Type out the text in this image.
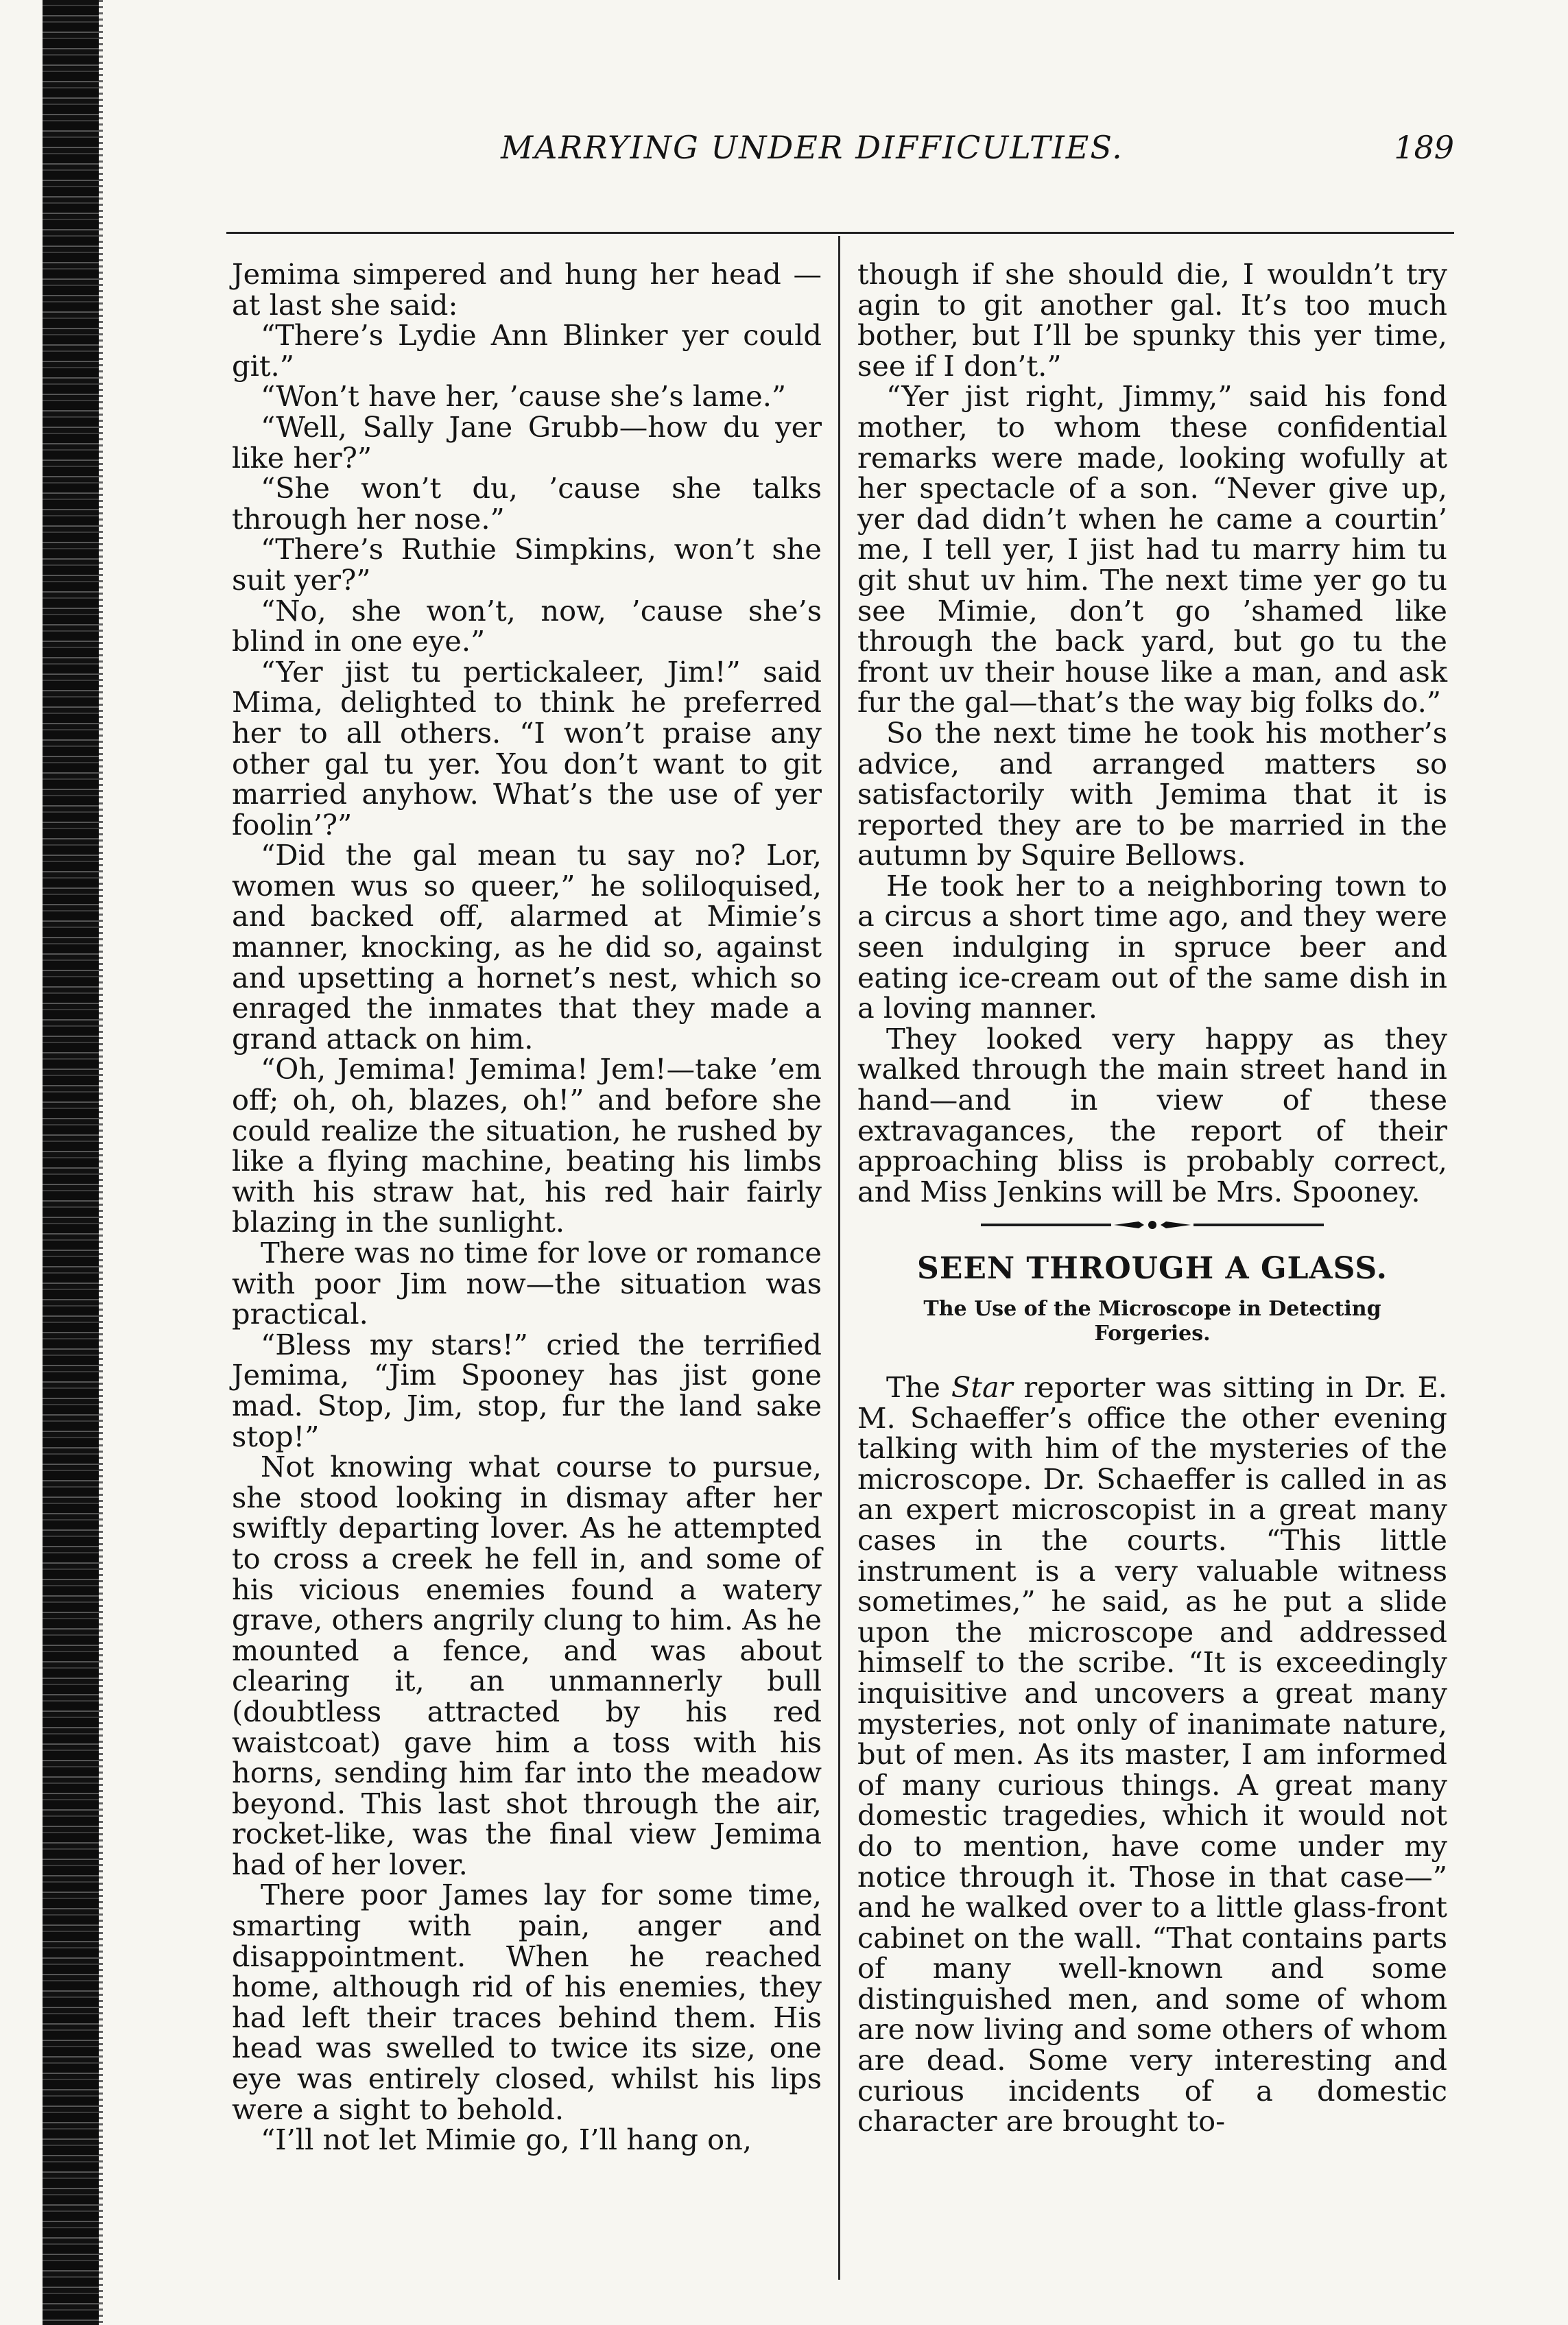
MARRYING UNDER DIFFICULTIES.	189

Jemima simpered and hung her head —at last she said:

“There’s Lydie Ann Blinker yer could git.”

“Won’t have her, ’cause she’s lame.”

“Well, Sally Jane Grubb—how du yer like her?”

“She won’t du, ’cause she talks through her nose.”

“There’s Ruthie Simpkins, won’t she suit yer?”

“No, she won’t, now, ’cause she’s blind in one eye.”

“Yer jist tu pertickaleer, Jim!” said Mima, delighted to think he preferred her to all others. “I won’t praise any other gal tu yer. You don’t want to git married anyhow. What’s the use of yer foolin’?”

“Did the gal mean tu say no? Lor, women wus so queer,” he soliloquised, and backed off, alarmed at Mimie’s manner, knocking, as he did so, against and upsetting a hornet’s nest, which so enraged the inmates that they made a grand attack on him.

“Oh, Jemima! Jemima! Jem!—take ’em off; oh, oh, blazes, oh!” and before she could realize the situation, he rushed by like a flying machine, beating his limbs with his straw hat, his red hair fairly blazing in the sunlight.

There was no time for love or romance with poor Jim now—the situation was practical.

“Bless my stars!” cried the terrified Jemima, “Jim Spooney has jist gone mad. Stop, Jim, stop, fur the land sake stop!”

Not knowing what course to pursue, she stood looking in dismay after her swiftly departing lover. As he attempted to cross a creek he fell in, and some of his vicious enemies found a watery grave, others angrily clung to him. As he mounted a fence, and was about clearing it, an unmannerly bull (doubtless attracted by his red waistcoat) gave him a toss with his horns, sending him far into the meadow beyond. This last shot through the air, rocket-like, was the final view Jemima had of her lover.

There poor James lay for some time, smarting with pain, anger and disappointment. When he reached home, although rid of his enemies, they had left their traces behind them. His head was swelled to twice its size, one eye was entirely closed, whilst his lips were a sight to behold.

“I’ll not let Mimie go, I’ll hang on,

though if she should die, I wouldn’t try agin to git another gal. It’s too much bother, but I’ll be spunky this yer time, see if I don’t.”

“Yer jist right, Jimmy,” said his fond mother, to whom these confidential remarks were made, looking wofully at her spectacle of a son. “Never give up, yer dad didn’t when he came a courtin’ me, I tell yer, I jist had tu marry him tu git shut uv him. The next time yer go tu see Mimie, don’t go ’shamed like through the back yard, but go tu the front uv their house like a man, and ask fur the gal—that’s the way big folks do.”

So the next time he took his mother’s advice, and arranged matters so satisfactorily with Jemima that it is reported they are to be married in the autumn by Squire Bellows.

He took her to a neighboring town to a circus a short time ago, and they were seen indulging in spruce beer and eating ice-cream out of the same dish in a loving manner.

They looked very happy as they walked through the main street hand in hand—and in view of these extravagances, the report of their approaching bliss is probably correct, and Miss Jenkins will be Mrs. Spooney.

SEEN THROUGH A GLASS.
The Use of the Microscope in Detecting Forgeries.

The Star reporter was sitting in Dr. E. M. Schaeffer’s office the other evening talking with him of the mysteries of the microscope. Dr. Schaeffer is called in as an expert microscopist in a great many cases in the courts. “This little instrument is a very valuable witness sometimes,” he said, as he put a slide upon the microscope and addressed himself to the scribe. “It is exceedingly inquisitive and uncovers a great many mysteries, not only of inanimate nature, but of men. As its master, I am informed of many curious things. A great many domestic tragedies, which it would not do to mention, have come under my notice through it. Those in that case—” and he walked over to a little glass-front cabinet on the wall. “That contains parts of many well-known and some distinguished men, and some of whom are now living and some others of whom are dead. Some very interesting and curious incidents of a domestic character are brought to-
